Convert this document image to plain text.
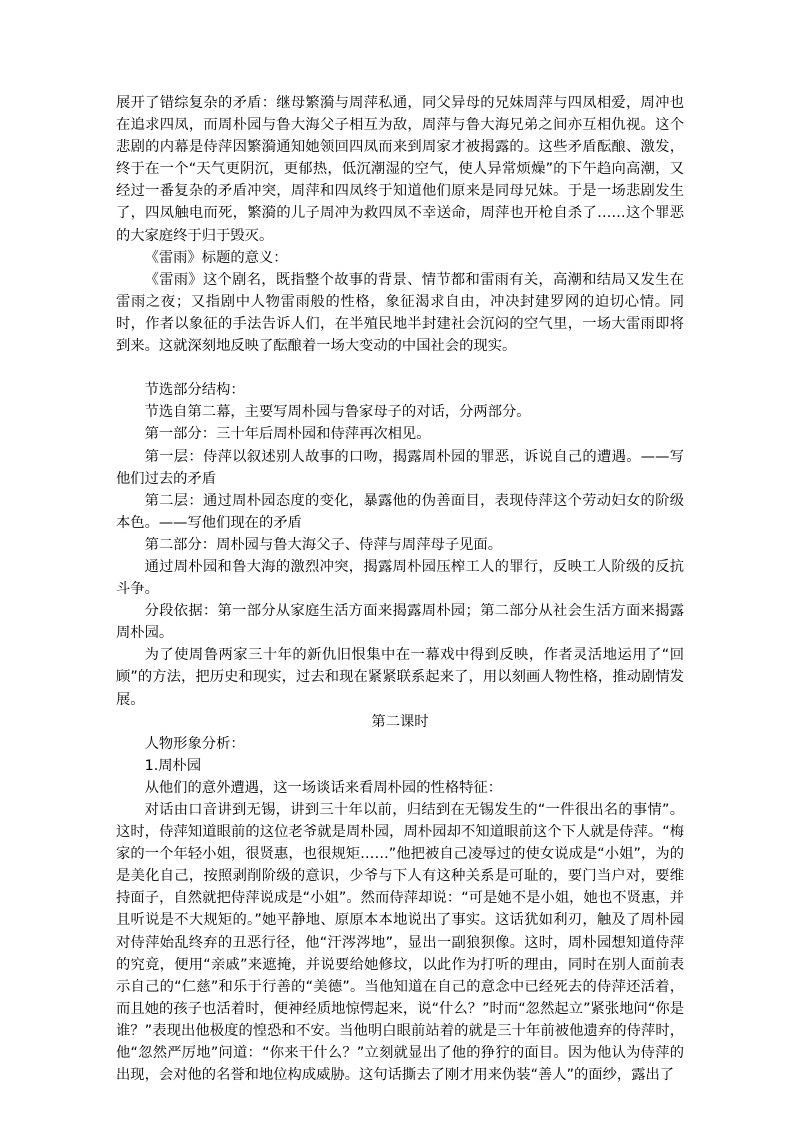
展开了错综复杂的矛盾：继母繁漪与周萍私通，同父异母的兄妹周萍与四凤相爱，周冲也在追求四凤，而周朴园与鲁大海父子相互为敌，周萍与鲁大海兄弟之间亦互相仇视。这个悲剧的内幕是侍萍因繁漪通知她领回四凤而来到周家才被揭露的。这些矛盾酝酿、激发，终于在一个“天气更阴沉，更郁热，低沉潮湿的空气，使人异常烦燥”的下午趋向高潮，又经过一番复杂的矛盾冲突，周萍和四凤终于知道他们原来是同母兄妹。于是一场悲剧发生了，四凤触电而死，繁漪的儿子周冲为救四凤不幸送命，周萍也开枪自杀了……这个罪恶的大家庭终于归于毁灭。

《雷雨》标题的意义：

《雷雨》这个剧名，既指整个故事的背景、情节都和雷雨有关，高潮和结局又发生在雷雨之夜；又指剧中人物雷雨般的性格，象征渴求自由，冲决封建罗网的迫切心情。同时，作者以象征的手法告诉人们，在半殖民地半封建社会沉闷的空气里，一场大雷雨即将到来。这就深刻地反映了酝酿着一场大变动的中国社会的现实。

节选部分结构：

节选自第二幕，主要写周朴园与鲁家母子的对话，分两部分。

第一部分：三十年后周朴园和侍萍再次相见。

第一层：侍萍以叙述别人故事的口吻，揭露周朴园的罪恶，诉说自己的遭遇。——写他们过去的矛盾

第二层：通过周朴园态度的变化，暴露他的伪善面目，表现侍萍这个劳动妇女的阶级本色。——写他们现在的矛盾

第二部分：周朴园与鲁大海父子、侍萍与周萍母子见面。

通过周朴园和鲁大海的激烈冲突，揭露周朴园压榨工人的罪行，反映工人阶级的反抗斗争。

分段依据：第一部分从家庭生活方面来揭露周朴园；第二部分从社会生活方面来揭露周朴园。

为了使周鲁两家三十年的新仇旧恨集中在一幕戏中得到反映，作者灵活地运用了“回顾”的方法，把历史和现实，过去和现在紧紧联系起来了，用以刻画人物性格，推动剧情发展。

第二课时

人物形象分析：

1.周朴园

从他们的意外遭遇，这一场谈话来看周朴园的性格特征：

对话由口音讲到无锡，讲到三十年以前，归结到在无锡发生的“一件很出名的事情”。这时，侍萍知道眼前的这位老爷就是周朴园，周朴园却不知道眼前这个下人就是侍萍。“梅家的一个年轻小姐，很贤惠，也很规矩……”他把被自己凌辱过的使女说成是“小姐”，为的是美化自己，按照剥削阶级的意识，少爷与下人有这种关系是可耻的，要门当户对，要维持面子，自然就把侍萍说成是“小姐”。然而侍萍却说：“可是她不是小姐，她也不贤惠，并且听说是不大规矩的。”她平静地、原原本本地说出了事实。这话犹如利刃，触及了周朴园对侍萍始乱终弃的丑恶行径，他“汗涔涔地”，显出一副狼狈像。这时，周朴园想知道侍萍的究竟，便用“亲戚”来遮掩，并说要给她修坟，以此作为打听的理由，同时在别人面前表示自己的“仁慈”和乐于行善的“美德”。当他知道在自己的意念中已经死去的侍萍还活着，而且她的孩子也活着时，便神经质地惊愕起来，说“什么？”时而“忽然起立”紧张地问“你是谁？”表现出他极度的惶恐和不安。当他明白眼前站着的就是三十年前被他遗弃的侍萍时，他“忽然严厉地”问道：“你来干什么？”立刻就显出了他的狰狞的面目。因为他认为侍萍的出现，会对他的名誉和地位构成威胁。这句话撕去了刚才用来伪装“善人”的面纱，露出了
